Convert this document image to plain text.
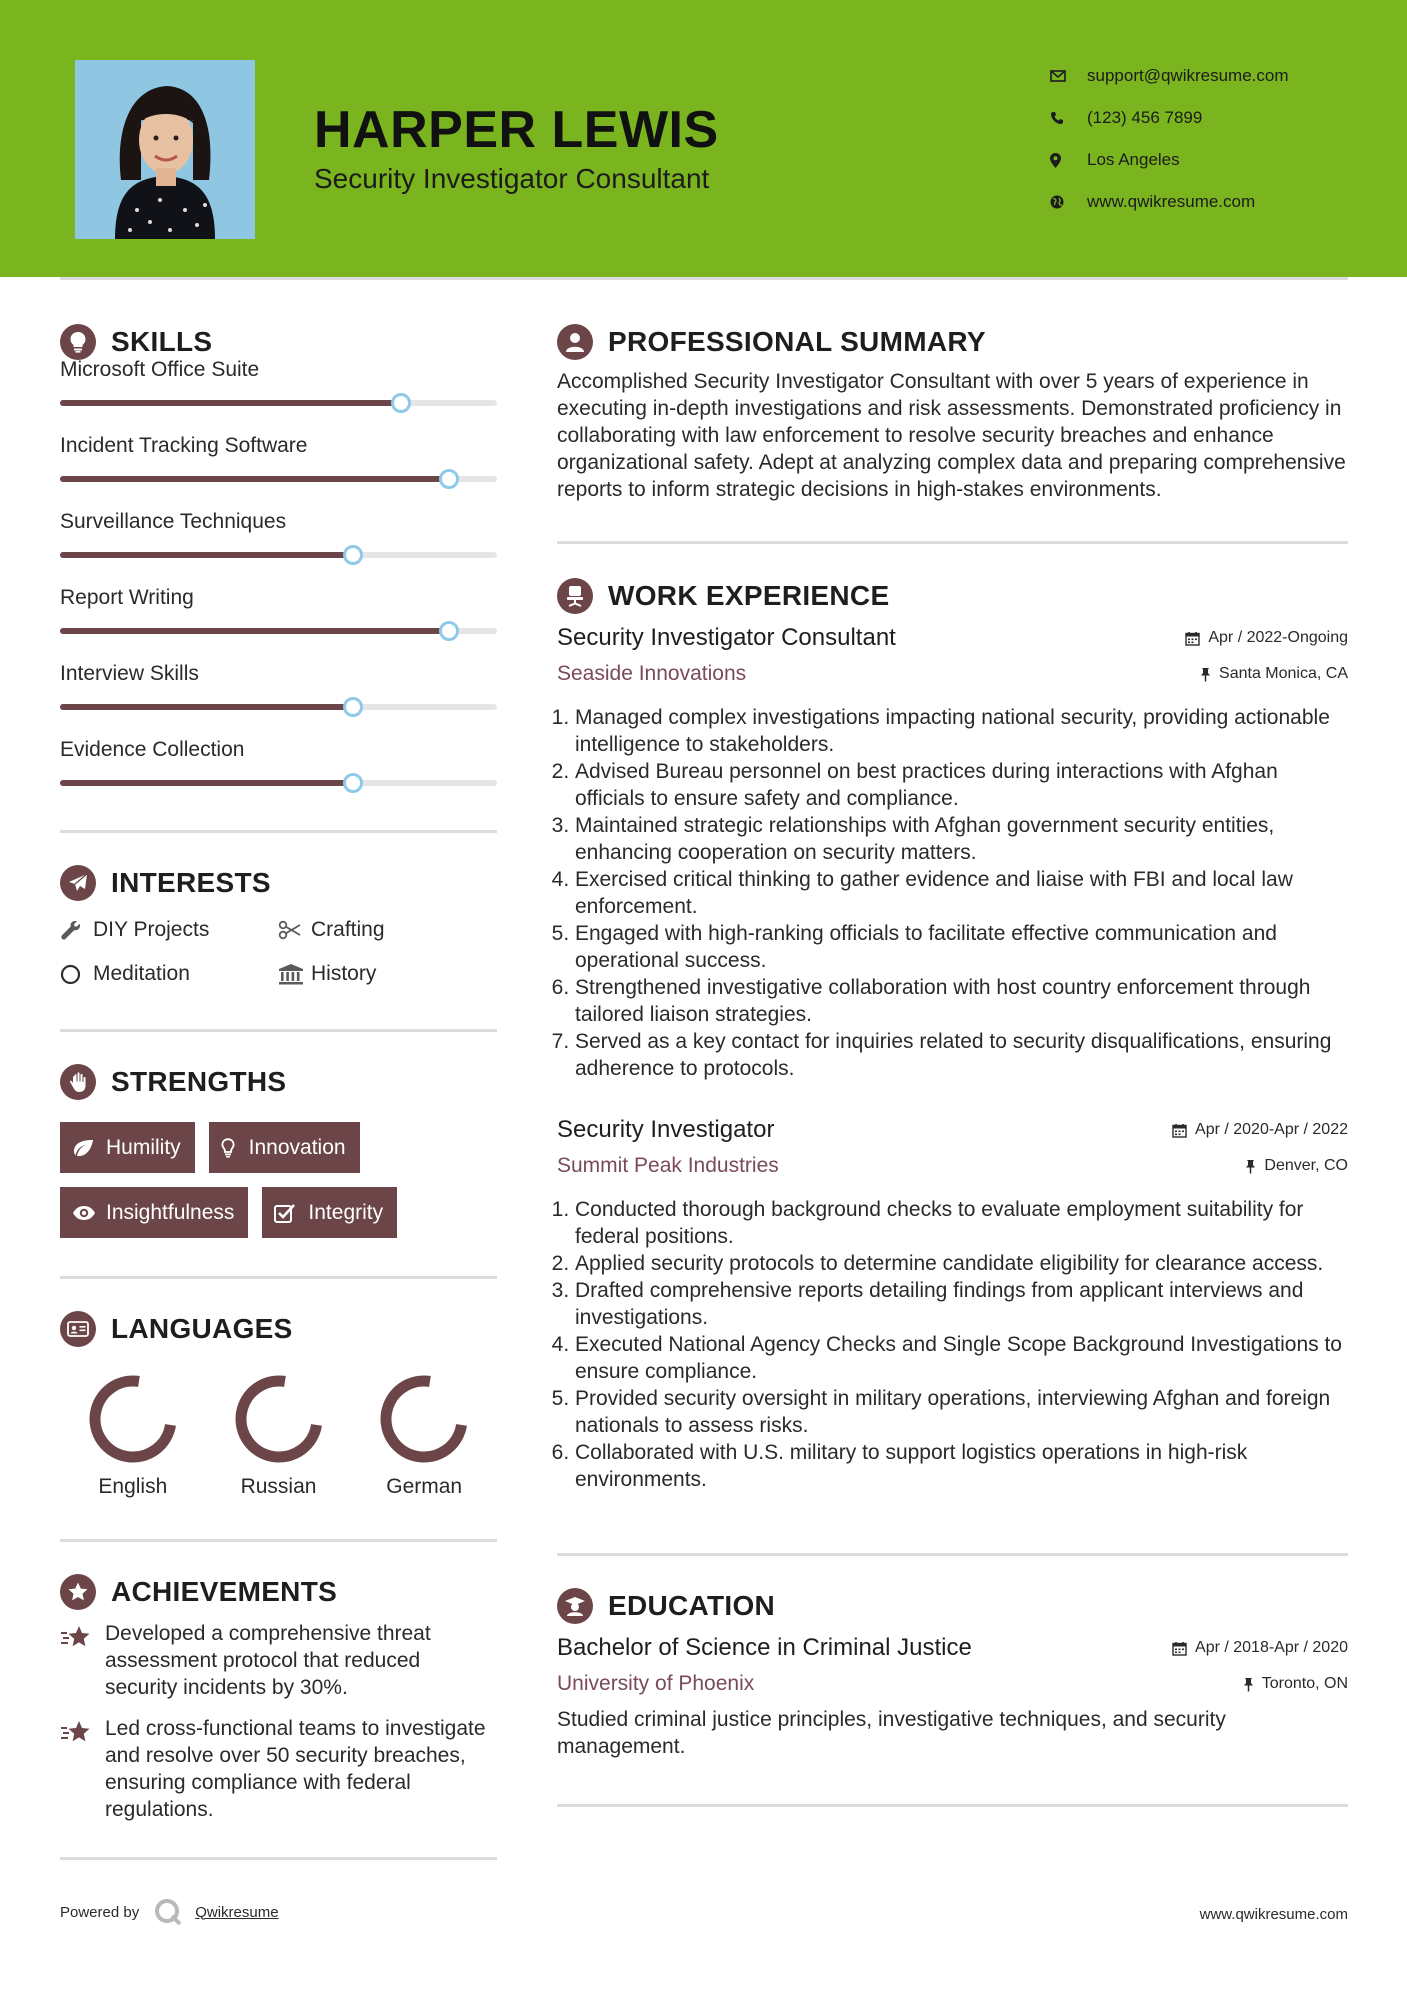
HARPER LEWIS
Security Investigator Consultant
support@qwikresume.com
(123) 456 7899
Los Angeles
www.qwikresume.com
SKILLS
Microsoft Office Suite
Incident Tracking Software
Surveillance Techniques
Report Writing
Interview Skills
Evidence Collection
INTERESTS
DIY Projects	Crafting
Meditation	History
STRENGTHS
Humility	Innovation
Insightfulness	Integrity
LANGUAGES
English	Russian	German
ACHIEVEMENTS
Developed a comprehensive threat assessment protocol that reduced security incidents by 30%.
Led cross-functional teams to investigate and resolve over 50 security breaches, ensuring compliance with federal regulations.
PROFESSIONAL SUMMARY
Accomplished Security Investigator Consultant with over 5 years of experience in executing in-depth investigations and risk assessments. Demonstrated proficiency in collaborating with law enforcement to resolve security breaches and enhance organizational safety. Adept at analyzing complex data and preparing comprehensive reports to inform strategic decisions in high-stakes environments.
WORK EXPERIENCE
Security Investigator Consultant	Apr / 2022-Ongoing
Seaside Innovations	Santa Monica, CA
1. Managed complex investigations impacting national security, providing actionable intelligence to stakeholders.
2. Advised Bureau personnel on best practices during interactions with Afghan officials to ensure safety and compliance.
3. Maintained strategic relationships with Afghan government security entities, enhancing cooperation on security matters.
4. Exercised critical thinking to gather evidence and liaise with FBI and local law enforcement.
5. Engaged with high-ranking officials to facilitate effective communication and operational success.
6. Strengthened investigative collaboration with host country enforcement through tailored liaison strategies.
7. Served as a key contact for inquiries related to security disqualifications, ensuring adherence to protocols.
Security Investigator	Apr / 2020-Apr / 2022
Summit Peak Industries	Denver, CO
1. Conducted thorough background checks to evaluate employment suitability for federal positions.
2. Applied security protocols to determine candidate eligibility for clearance access.
3. Drafted comprehensive reports detailing findings from applicant interviews and investigations.
4. Executed National Agency Checks and Single Scope Background Investigations to ensure compliance.
5. Provided security oversight in military operations, interviewing Afghan and foreign nationals to assess risks.
6. Collaborated with U.S. military to support logistics operations in high-risk environments.
EDUCATION
Bachelor of Science in Criminal Justice	Apr / 2018-Apr / 2020
University of Phoenix	Toronto, ON
Studied criminal justice principles, investigative techniques, and security management.
Powered by	Qwikresume	www.qwikresume.com
